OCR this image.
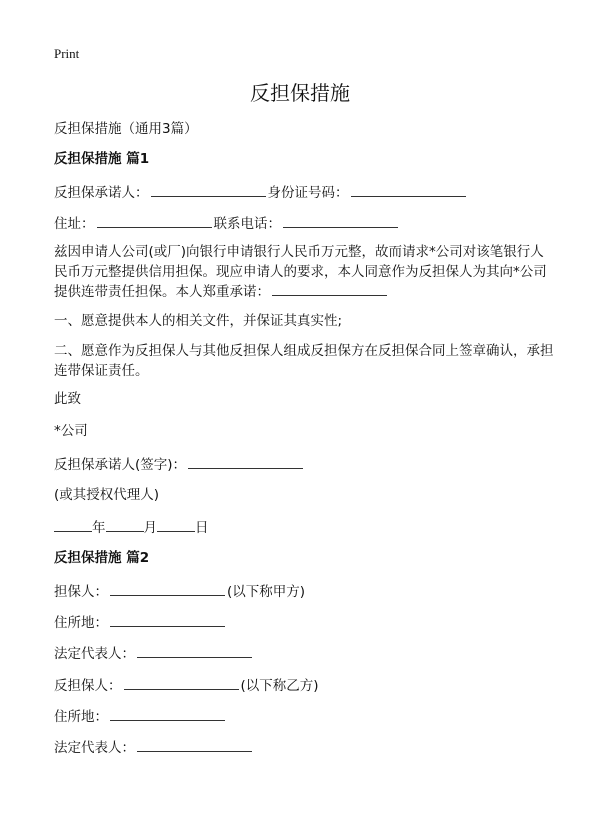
Print
反担保措施
反担保措施（通用3篇）
反担保措施 篇1
反担保承诺人：	身份证号码：
住址：	联系电话：
兹因申请人公司(或厂)向银行申请银行人民币万元整，故而请求*公司对该笔银行人民币万元整提供信用担保。现应申请人的要求，本人同意作为反担保人为其向*公司提供连带责任担保。本人郑重承诺：
一、愿意提供本人的相关文件，并保证其真实性;
二、愿意作为反担保人与其他反担保人组成反担保方在反担保合同上签章确认，承担连带保证责任。
此致
*公司
反担保承诺人(签字)：
(或其授权代理人)
年	月	日
反担保措施 篇2
担保人：	(以下称甲方)
住所地：
法定代表人：
反担保人：	(以下称乙方)
住所地：
法定代表人：
